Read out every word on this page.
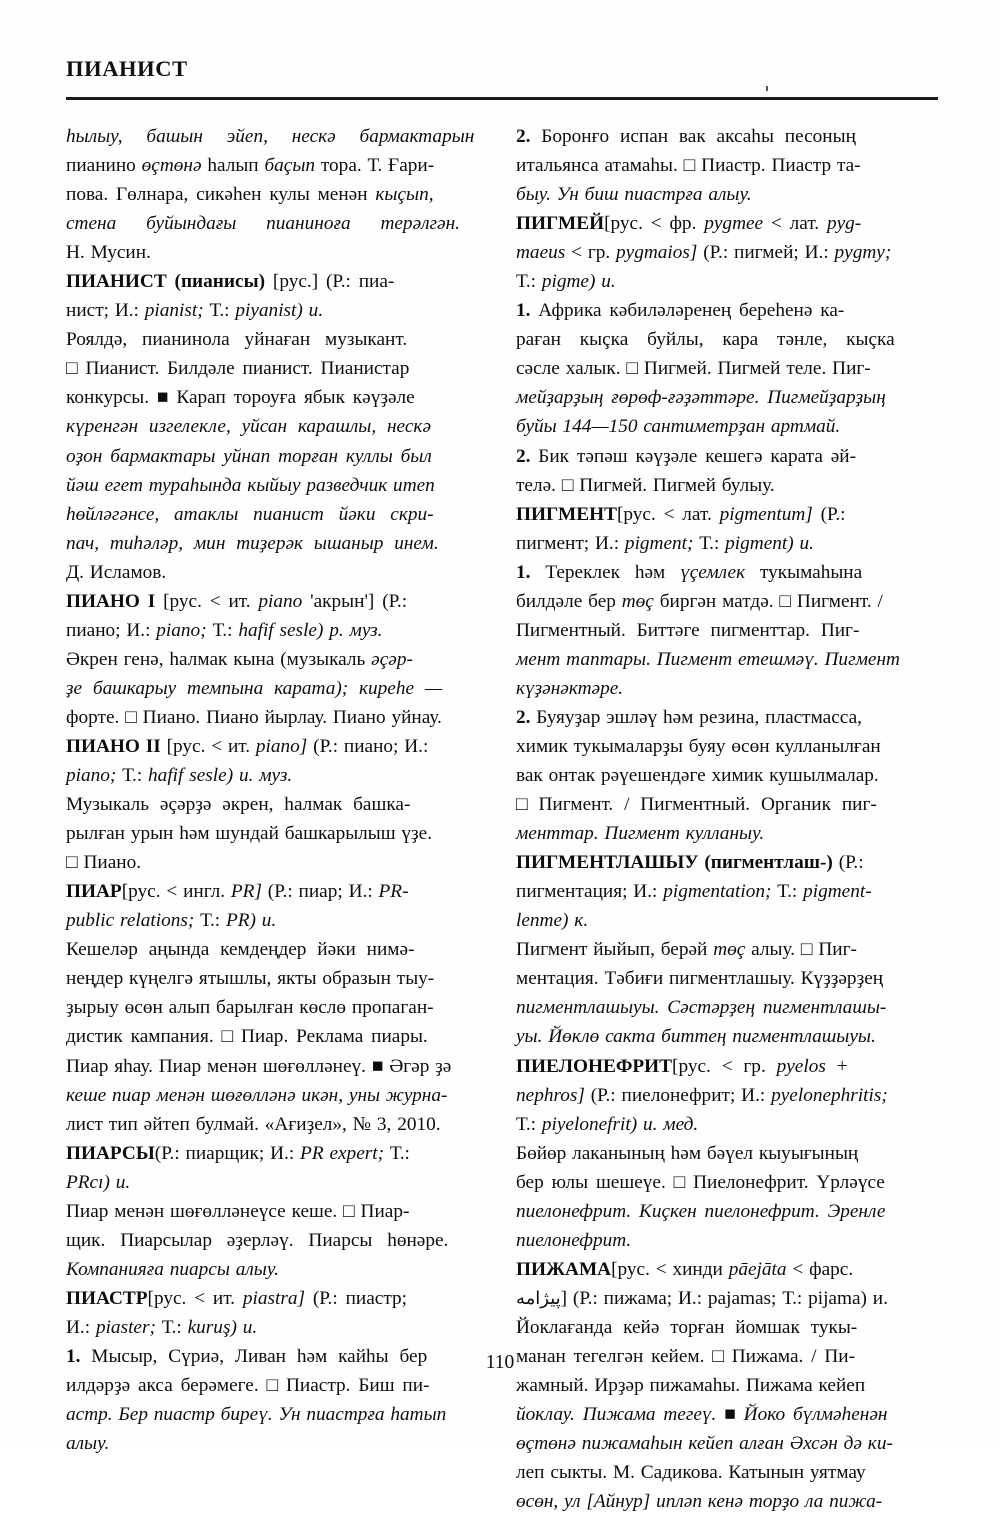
ПИАНИСТ

һылыу, башын эйеп, нескә бармактарын

пианино өçтөнә һалып баçып тора. Т. Ғари-

пова. Гөлнара, сикәһен кулы менән кыçып,

стена буйындағы пианиноға терәлгән.

Н. Мусин.

ПИАНИСТ (пианисы) [рус.] (Р.: пиа-

нист; И.: pianist; Т.: piyanist) и.

Роялдә, пианинола уйнаған музыкант.

□ Пианист. Билдәле пианист. Пианистар

конкурсы. ■ Карап тороуға ябык кәүҙәле

күренгән изгелекле, уйсан карашлы, нескә

оҙон бармактары уйнап торған куллы был

йәш егет тураһында кыйыу разведчик итеп

һөйләгәнсе, атаклы пианист йәки скри-

пач, тиһәләр, мин тиҙерәк ышаныр инем.

Д. Исламов.

ПИАНО I [рус. < ит. piano 'акрын'] (Р.:

пиано; И.: piano; Т.: hafif sesle) р. муз.

Әкрен генә, һалмак кына (музыкаль әçәр-

ҙе башкарыу темпына карата); киреһе —

форте. □ Пиано. Пиано йырлау. Пиано уйнау.

ПИАНО II [рус. < ит. piano] (Р.: пиано; И.:

piano; Т.: hafif sesle) и. муз.

Музыкаль әçәрҙә әкрен, һалмак башка-

рылған урын һәм шундай башкарылыш үҙе.

□ Пиано.

ПИАР[рус. < ингл. PR] (Р.: пиар; И.: PR-

public relations; Т.: PR) и.

Кешеләр аңында кемдеңдер йәки нимә-

неңдер күңелгә ятышлы, якты образын тыу-

ҙырыу өсөн алып барылған көслө пропаган-

дистик кампания. □ Пиар. Реклама пиары.

Пиар яһау. Пиар менән шөғөлләнеү. ■ Әгәр ҙә

кеше пиар менән шөғөлләнә икән, уны журна-

лист тип әйтеп булмай. «Ағиҙел», № 3, 2010.

ПИАРСЫ(Р.: пиарщик; И.: PR expert; Т.:

PRcı) и.

Пиар менән шөғөлләнеүсе кеше. □ Пиар-

щик. Пиарсылар әҙерләү. Пиарсы һөнәре.

Компанияға пиарсы алыу.

ПИАСТР[рус. < ит. piastra] (Р.: пиастр;

И.: piaster; Т.: kuruş) и.

1. Мысыр, Сүриә, Ливан һәм кайһы бер

илдәрҙә акса берәмеге. □ Пиастр. Биш пи-

астр. Бер пиастр биреү. Ун пиастрға һатып

алыу.

2. Боронғо испан вак аксаһы песоның

итальянса атамаһы. □ Пиастр. Пиастр та-

быу. Ун биш пиастрға алыу.

ПИГМЕЙ[рус. < фр. pygmee < лат. pyg-

maeus < гр. pygmaios] (Р.: пигмей; И.: pygmy;

Т.: pigme) и.

1. Африка кәбиләләренең береһенә ка-

раған кыçка буйлы, кара тәнле, кыçка

сәсле халык. □ Пигмей. Пигмей теле. Пиг-

мейҙарҙың ғөрөф-ғәҙәттәре. Пигмейҙарҙың

буйы 144—150 сантиметрҙан артмай.

2. Бик тәпәш кәүҙәле кешегә карата әй-

телә. □ Пигмей. Пигмей булыу.

ПИГМЕНТ[рус. < лат. pigmentum] (Р.:

пигмент; И.: pigment; Т.: pigment) и.

1. Тереклек һәм үçемлек тукымаһына

билдәле бер төç биргән матдә. □ Пигмент. /

Пигментный. Биттәге пигменттар. Пиг-

мент таптары. Пигмент етешмәү. Пигмент

күҙәнәктәре.

2. Буяуҙар эшләү һәм резина, пластмасса,

химик тукымаларҙы буяу өсөн кулланылған

вак онтак рәүешендәге химик кушылмалар.

□ Пигмент. / Пигментный. Органик пиг-

менттар. Пигмент кулланыу.

ПИГМЕНТЛАШЫУ (пигментлаш-) (Р.:

пигментация; И.: pigmentation; Т.: pigment-

lenme) к.

Пигмент йыйып, берәй төç алыу. □ Пиг-

ментация. Тәбиғи пигментлашыу. Күҙҙәрҙең

пигментлашыуы. Сәстәрҙең пигментлашы-

уы. Йөклө сакта биттең пигментлашыуы.

ПИЕЛОНЕФРИТ[рус. < гр. pyelos +

nephros] (Р.: пиелонефрит; И.: pyelonephritis;

Т.: piyelonefrit) и. мед.

Бөйөр лаканының һәм бәүел кыуығының

бер юлы шешеүе. □ Пиелонефрит. Үрләүсе

пиелонефрит. Киçкен пиелонефрит. Эренле

пиелонефрит.

ПИЖАМА[рус. < хинди pāejāta < фарс.

پیژامه] (Р.: пижама; И.: pajamas; Т.: pijama) и.

Йоклағанда кейә торған йомшак тукы-

манан тегелгән кейем. □ Пижама. / Пи-

жамный. Ирҙәр пижамаһы. Пижама кейеп

йоклау. Пижама тегеү. ■ Йоко бүлмәһенән

өçтөнә пижамаһын кейеп алған Әхсән дә ки-

леп сыкты. М. Садикова. Катынын уятмау

өсөн, ул [Айнур] ипләп кенә торҙо ла пижа-

110
